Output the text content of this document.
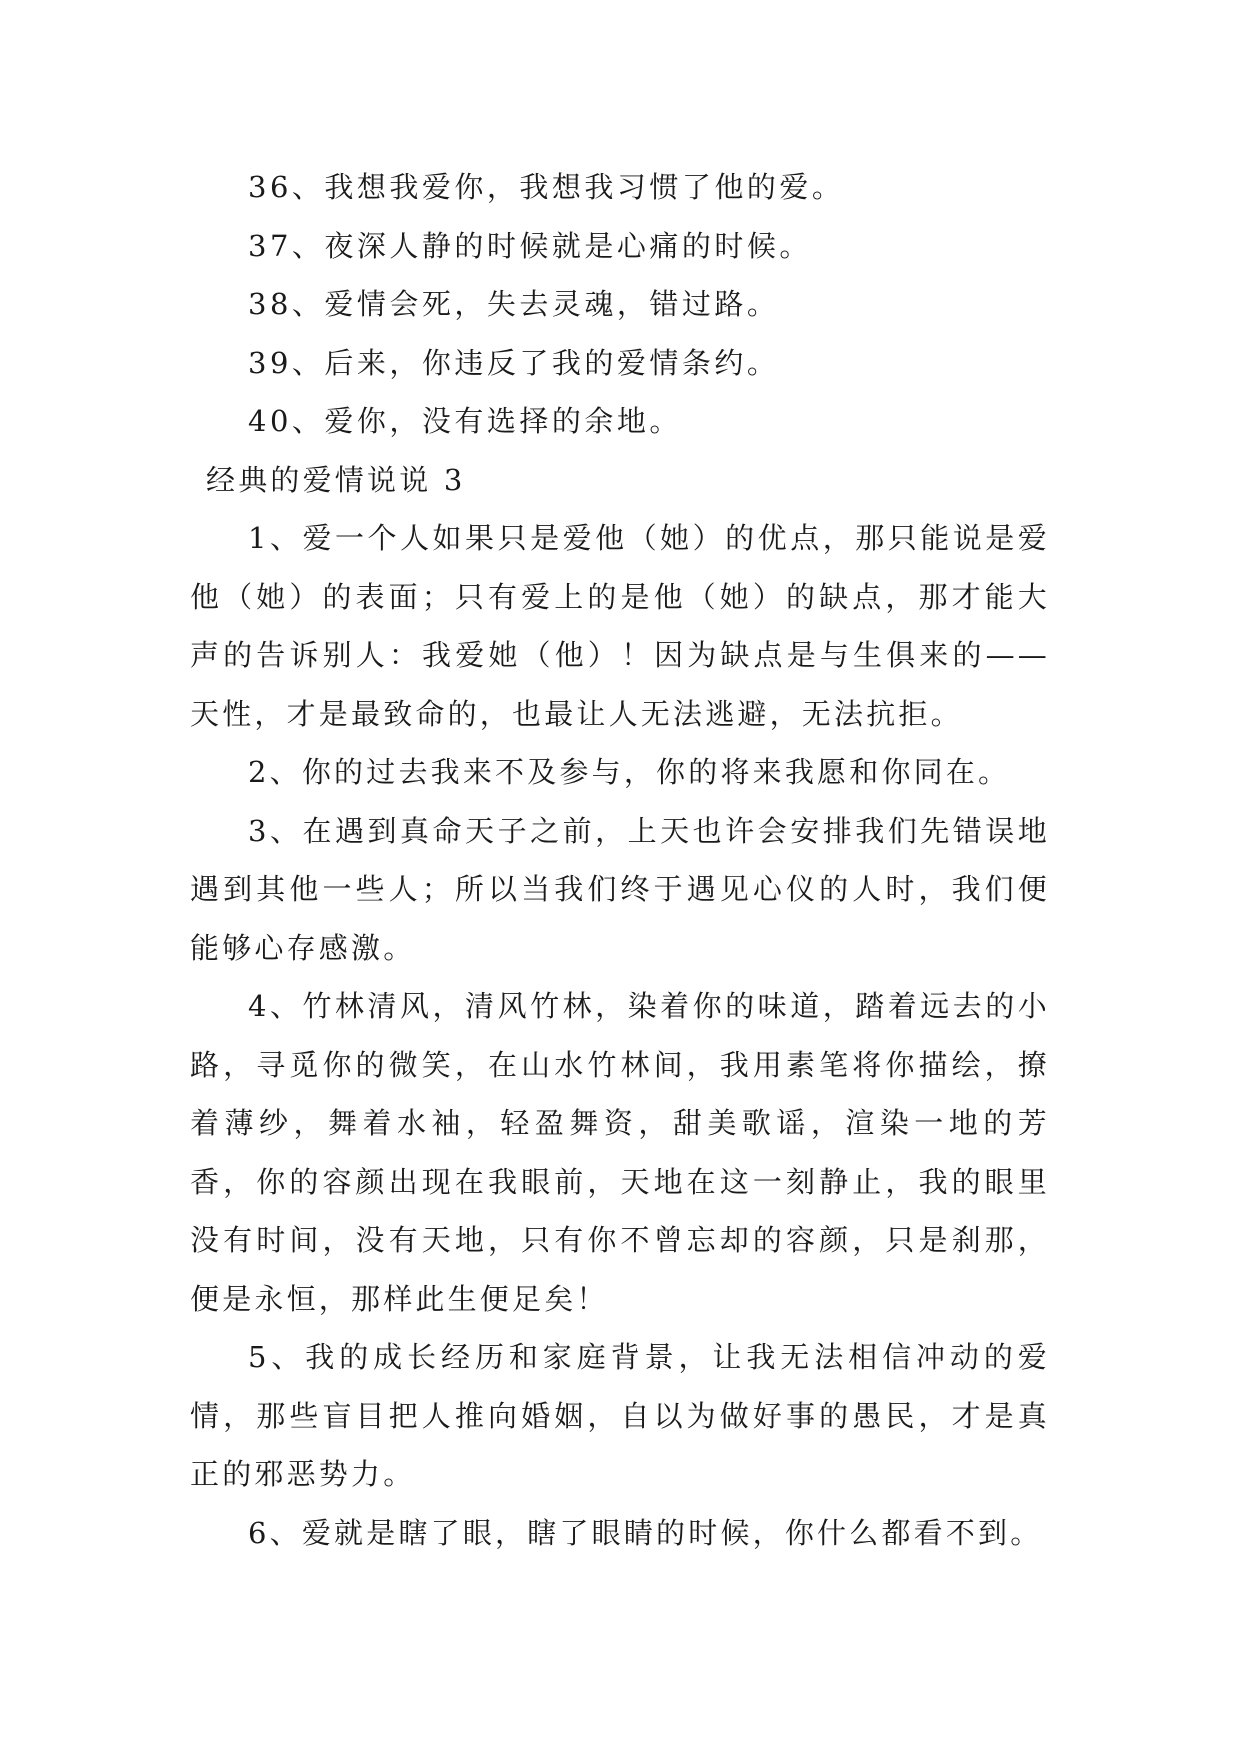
36、我想我爱你，我想我习惯了他的爱。

37、夜深人静的时候就是心痛的时候。

38、爱情会死，失去灵魂，错过路。

39、后来，你违反了我的爱情条约。

40、爱你，没有选择的余地。

经典的爱情说说 3

1、爱一个人如果只是爱他（她）的优点，那只能说是爱他（她）的表面；只有爱上的是他（她）的缺点，那才能大声的告诉别人：我爱她（他）！因为缺点是与生俱来的——天性，才是最致命的，也最让人无法逃避，无法抗拒。

2、你的过去我来不及参与，你的将来我愿和你同在。

3、在遇到真命天子之前，上天也许会安排我们先错误地遇到其他一些人；所以当我们终于遇见心仪的人时，我们便能够心存感激。

4、竹林清风，清风竹林，染着你的味道，踏着远去的小路，寻觅你的微笑，在山水竹林间，我用素笔将你描绘，撩着薄纱，舞着水袖，轻盈舞资，甜美歌谣，渲染一地的芳香，你的容颜出现在我眼前，天地在这一刻静止，我的眼里没有时间，没有天地，只有你不曾忘却的容颜，只是刹那，便是永恒，那样此生便足矣！

5、我的成长经历和家庭背景，让我无法相信冲动的爱情，那些盲目把人推向婚姻，自以为做好事的愚民，才是真正的邪恶势力。

6、爱就是瞎了眼，瞎了眼睛的时候，你什么都看不到。
